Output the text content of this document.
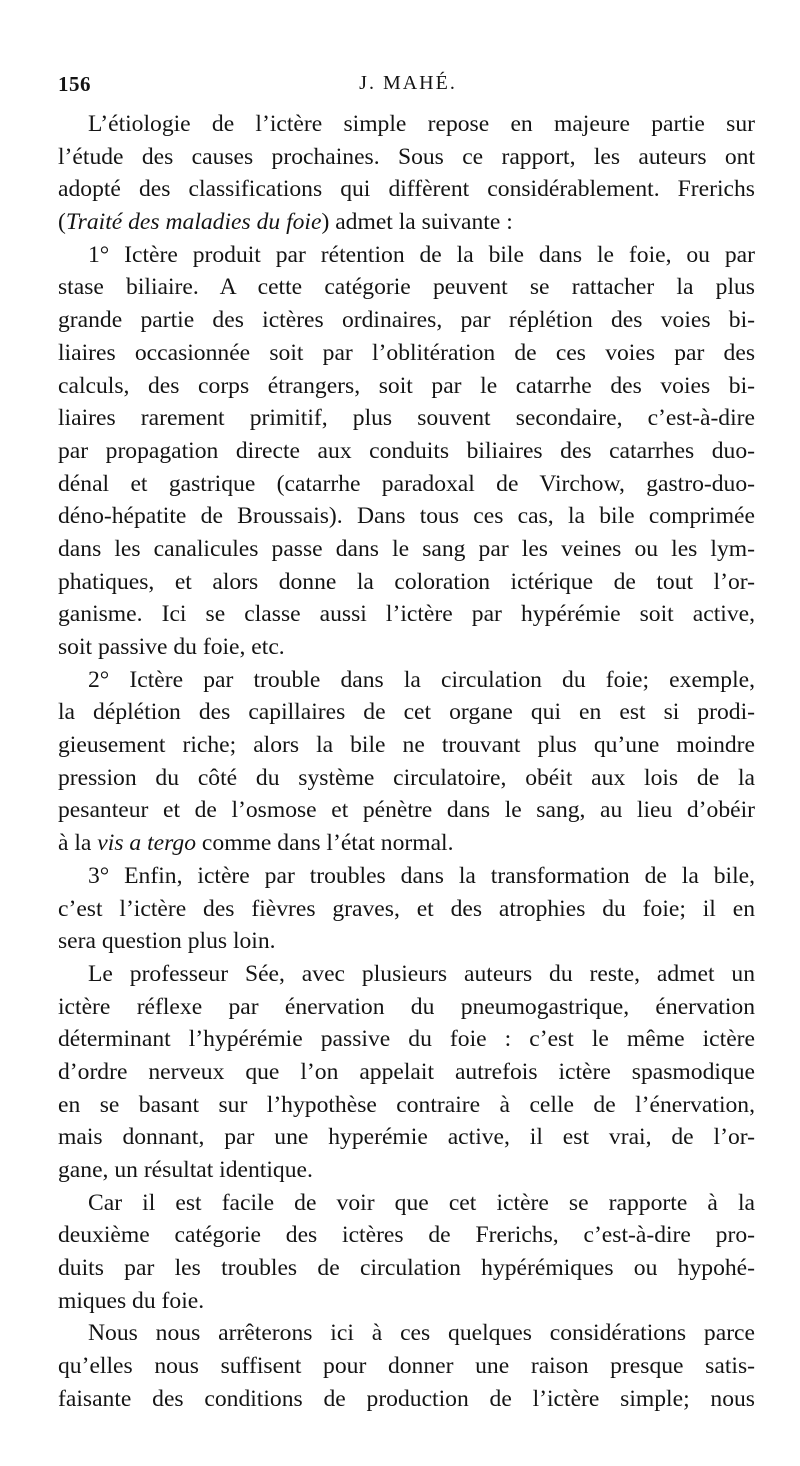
156	J. MAHÉ.
L’étiologie de l’ictère simple repose en majeure partie sur
l’étude des causes prochaines. Sous ce rapport, les auteurs ont
adopté des classifications qui diffèrent considérablement. Frerichs
(Traité des maladies du foie) admet la suivante :
1° Ictère produit par rétention de la bile dans le foie, ou par
stase biliaire. A cette catégorie peuvent se rattacher la plus
grande partie des ictères ordinaires, par réplétion des voies bi-
liaires occasionnée soit par l’oblitération de ces voies par des
calculs, des corps étrangers, soit par le catarrhe des voies bi-
liaires rarement primitif, plus souvent secondaire, c’est-à-dire
par propagation directe aux conduits biliaires des catarrhes duo-
dénal et gastrique (catarrhe paradoxal de Virchow, gastro-duo-
déno-hépatite de Broussais). Dans tous ces cas, la bile comprimée
dans les canalicules passe dans le sang par les veines ou les lym-
phatiques, et alors donne la coloration ictérique de tout l’or-
ganisme. Ici se classe aussi l’ictère par hypérémie soit active,
soit passive du foie, etc.
2° Ictère par trouble dans la circulation du foie; exemple,
la déplétion des capillaires de cet organe qui en est si prodi-
gieusement riche; alors la bile ne trouvant plus qu’une moindre
pression du côté du système circulatoire, obéit aux lois de la
pesanteur et de l’osmose et pénètre dans le sang, au lieu d’obéir
à la vis a tergo comme dans l’état normal.
3° Enfin, ictère par troubles dans la transformation de la bile,
c’est l’ictère des fièvres graves, et des atrophies du foie; il en
sera question plus loin.
Le professeur Sée, avec plusieurs auteurs du reste, admet un
ictère réflexe par énervation du pneumogastrique, énervation
déterminant l’hypérémie passive du foie : c’est le même ictère
d’ordre nerveux que l’on appelait autrefois ictère spasmodique
en se basant sur l’hypothèse contraire à celle de l’énervation,
mais donnant, par une hyperémie active, il est vrai, de l’or-
gane, un résultat identique.
Car il est facile de voir que cet ictère se rapporte à la
deuxième catégorie des ictères de Frerichs, c’est-à-dire pro-
duits par les troubles de circulation hypérémiques ou hypohé-
miques du foie.
Nous nous arrêterons ici à ces quelques considérations parce
qu’elles nous suffisent pour donner une raison presque satis-
faisante des conditions de production de l’ictère simple; nous
